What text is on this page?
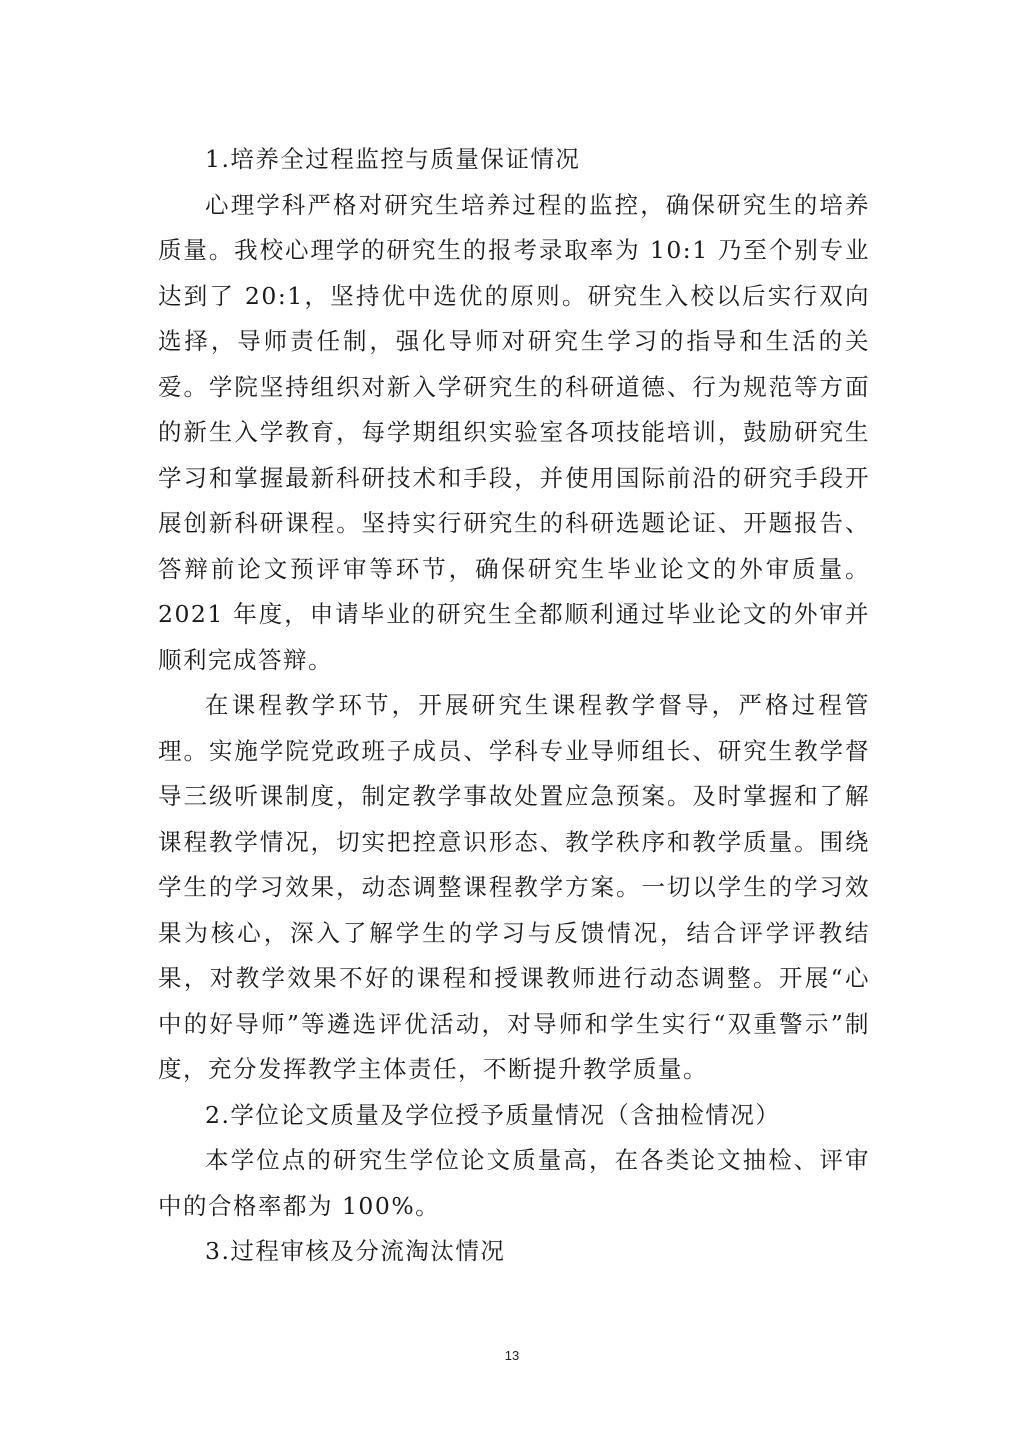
1.培养全过程监控与质量保证情况

心理学科严格对研究生培养过程的监控，确保研究生的培养质量。我校心理学的研究生的报考录取率为 10:1 乃至个别专业达到了 20:1，坚持优中选优的原则。研究生入校以后实行双向选择，导师责任制，强化导师对研究生学习的指导和生活的关爱。学院坚持组织对新入学研究生的科研道德、行为规范等方面的新生入学教育，每学期组织实验室各项技能培训，鼓励研究生学习和掌握最新科研技术和手段，并使用国际前沿的研究手段开展创新科研课程。坚持实行研究生的科研选题论证、开题报告、答辩前论文预评审等环节，确保研究生毕业论文的外审质量。2021 年度，申请毕业的研究生全都顺利通过毕业论文的外审并顺利完成答辩。

在课程教学环节，开展研究生课程教学督导，严格过程管理。实施学院党政班子成员、学科专业导师组长、研究生教学督导三级听课制度，制定教学事故处置应急预案。及时掌握和了解课程教学情况，切实把控意识形态、教学秩序和教学质量。围绕学生的学习效果，动态调整课程教学方案。一切以学生的学习效果为核心，深入了解学生的学习与反馈情况，结合评学评教结果，对教学效果不好的课程和授课教师进行动态调整。开展“心中的好导师”等遴选评优活动，对导师和学生实行“双重警示”制度，充分发挥教学主体责任，不断提升教学质量。

2.学位论文质量及学位授予质量情况（含抽检情况）

本学位点的研究生学位论文质量高，在各类论文抽检、评审中的合格率都为 100%。

3.过程审核及分流淘汰情况

13
